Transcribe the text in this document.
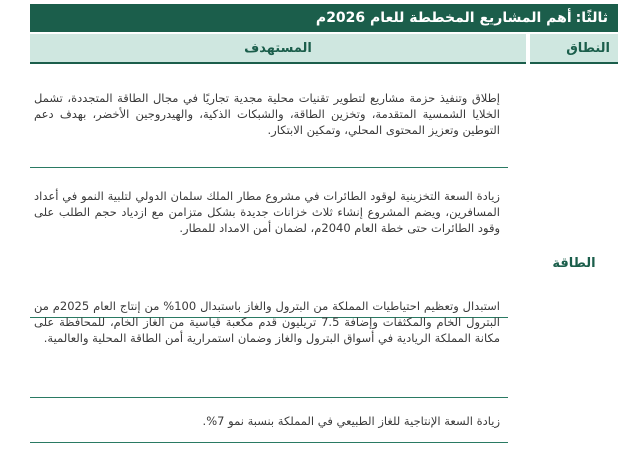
ثالثًا:
أهم المشاريع المخططة للعام 2026م
النطاق
المستهدف
الطاقة

إطلاق وتنفيذ حزمة مشاريع لتطوير تقنيات محلية مجدية تجاريًا في مجال الطاقة المتجددة، تشمل الخلايا الشمسية المتقدمة، وتخزين الطاقة، والشبكات الذكية، والهيدروجين الأخضر، بهدف دعم التوطين وتعزيز المحتوى المحلي، وتمكين الابتكار.

زيادة السعة التخزينية لوقود الطائرات في مشروع مطار الملك سلمان الدولي لتلبية النمو في أعداد المسافرين، ويضم المشروع إنشاء ثلاث خزانات جديدة بشكل متزامن مع ازدياد حجم الطلب على وقود الطائرات حتى خطة العام 2040م، لضمان أمن الامداد للمطار.

استبدال وتعظيم احتياطيات المملكة من البترول والغاز باستبدال 100% من إنتاج العام 2025م من البترول الخام والمكثفات وإضافة 7.5 تريليون قدم مكعبة قياسية من الغاز الخام، للمحافظة على مكانة المملكة الريادية في أسواق البترول والغاز وضمان استمرارية أمن الطاقة المحلية والعالمية.

زيادة السعة الإنتاجية للغاز الطبيعي في المملكة بنسبة نمو 7%.
